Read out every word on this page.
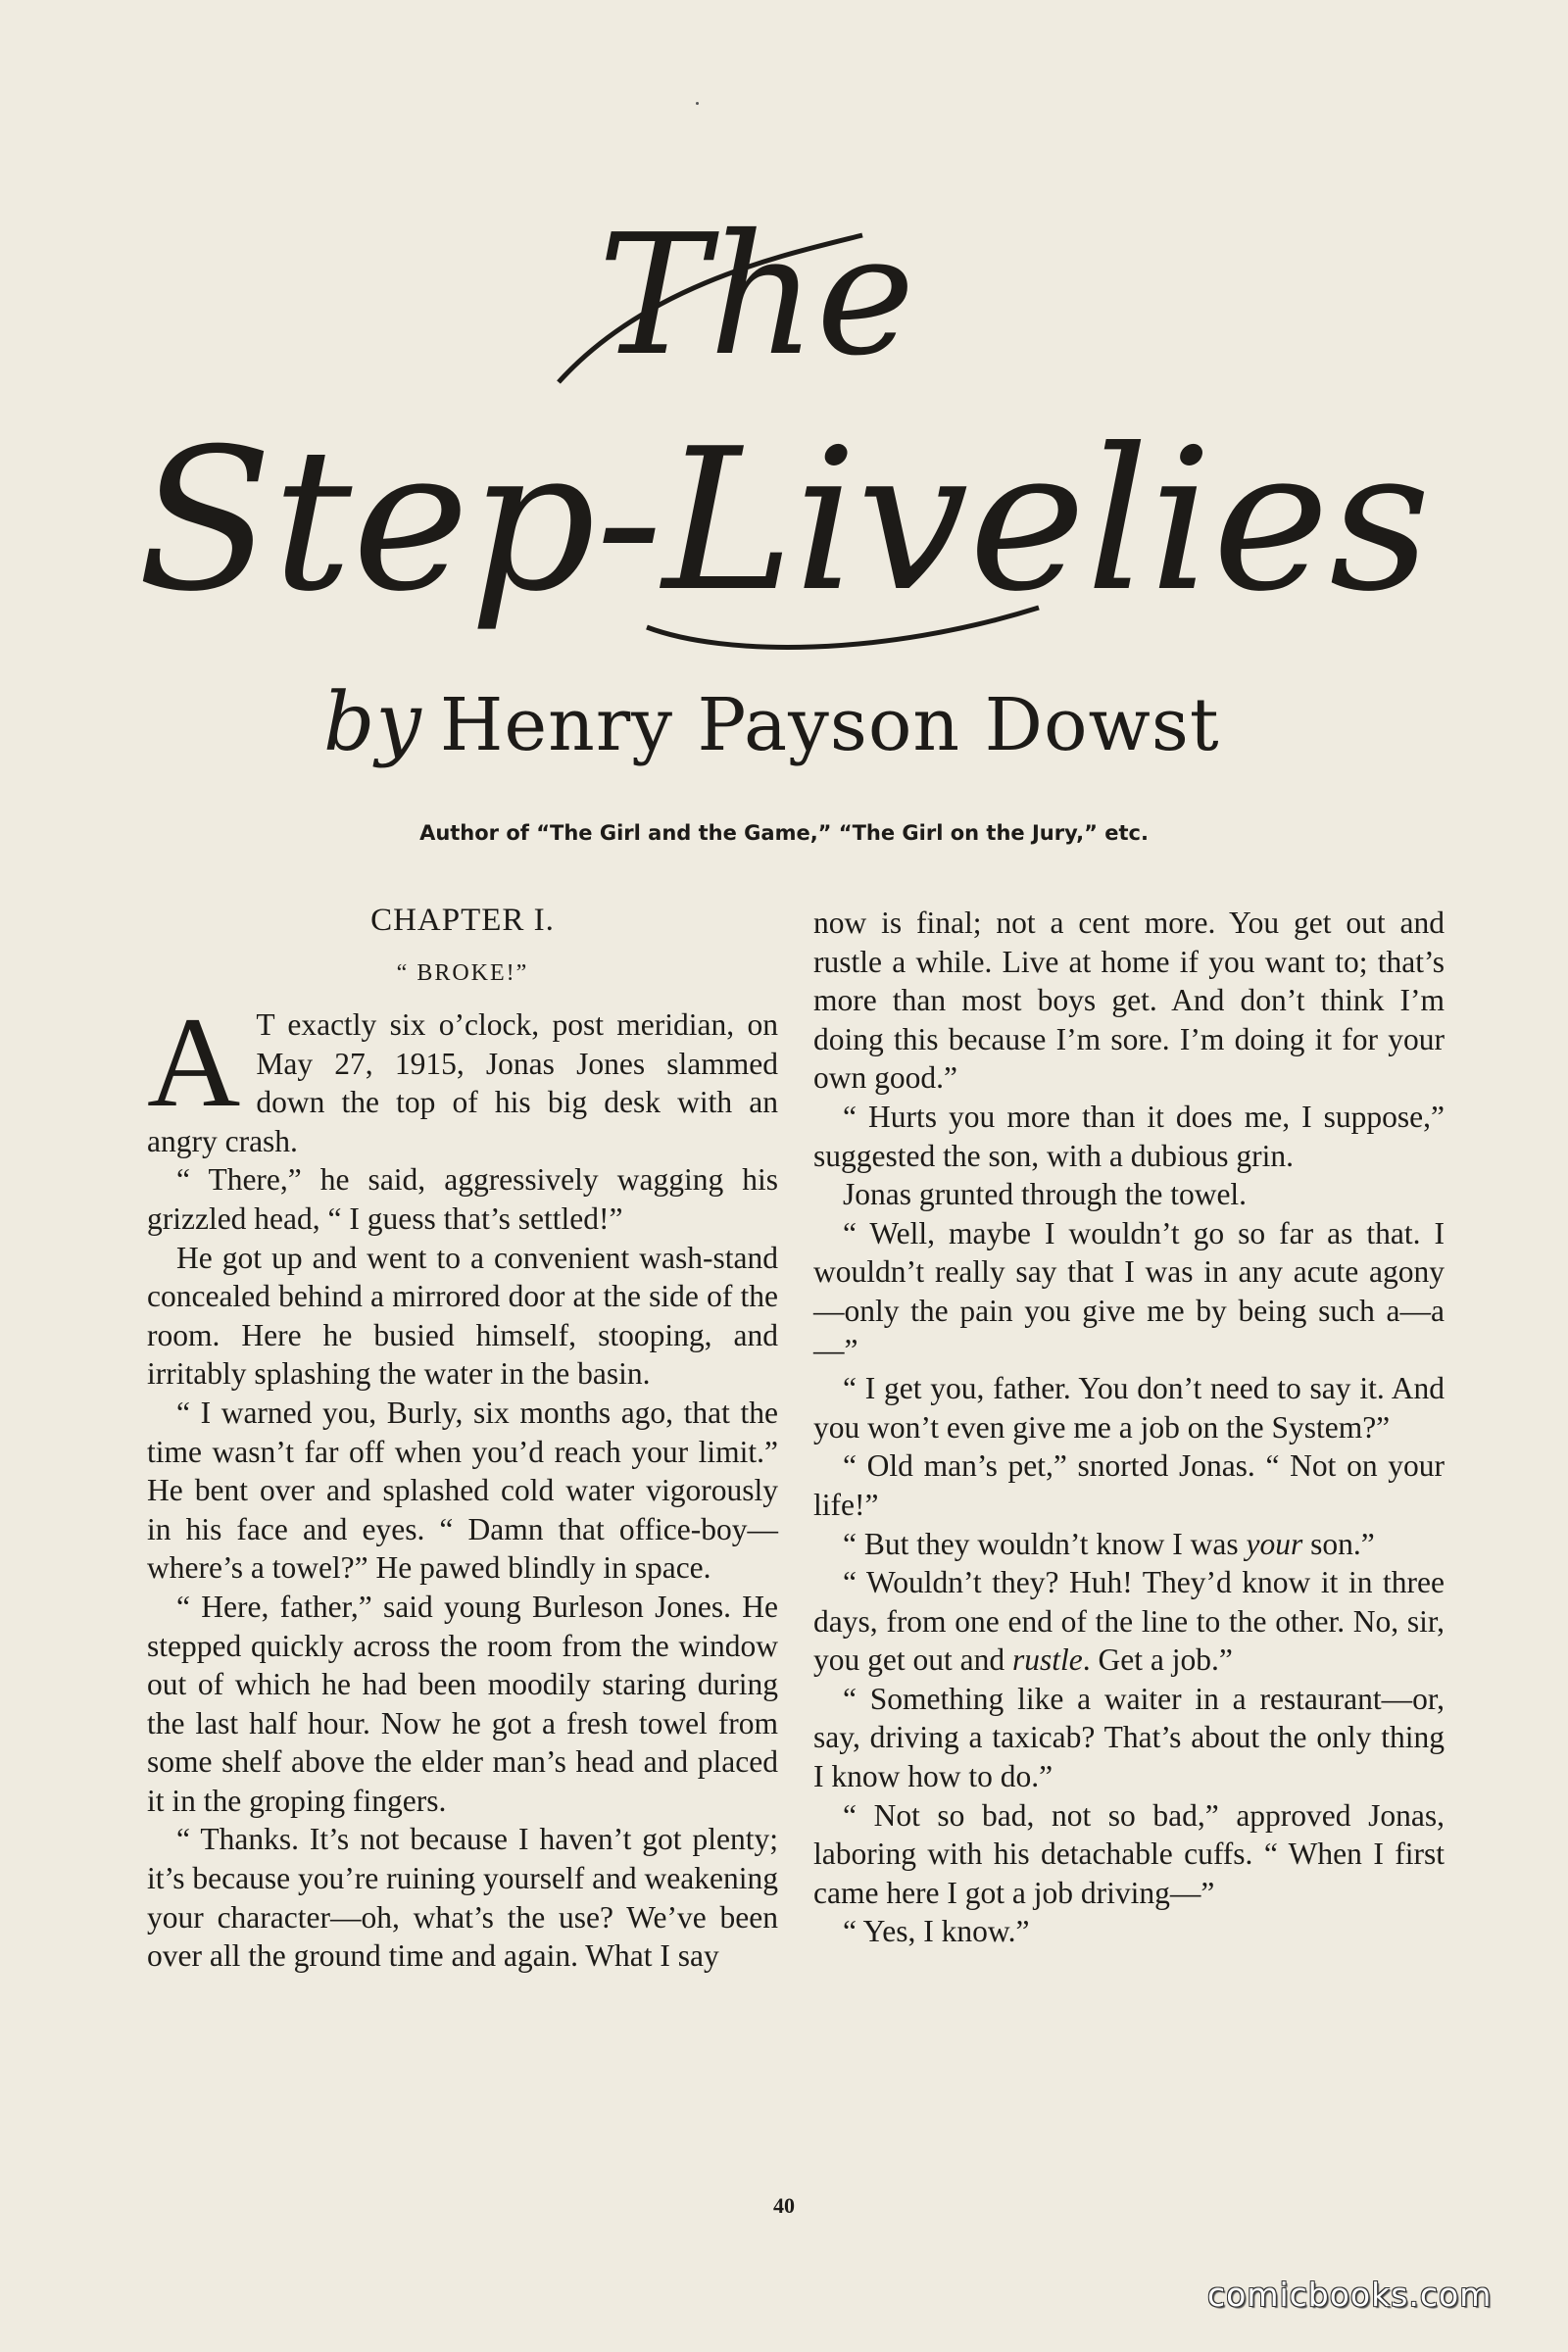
The
Step-Livelies
by Henry Payson Dowst
Author of “The Girl and the Game,” “The Girl on the Jury,” etc.
CHAPTER I.
“ BROKE!”

A T exactly six o’clock, post meridian, on May 27, 1915, Jonas Jones slammed down the top of his big desk with an angry crash.

“ There,” he said, aggressively wagging his grizzled head, “ I guess that’s settled!”

He got up and went to a convenient wash-stand concealed behind a mirrored door at the side of the room. Here he busied himself, stooping, and irritably splashing the water in the basin.

“ I warned you, Burly, six months ago, that the time wasn’t far off when you’d reach your limit.” He bent over and splashed cold water vigorously in his face and eyes. “ Damn that office-boy—where’s a towel?” He pawed blindly in space.

“ Here, father,” said young Burleson Jones. He stepped quickly across the room from the window out of which he had been moodily staring during the last half hour. Now he got a fresh towel from some shelf above the elder man’s head and placed it in the groping fingers.

“ Thanks. It’s not because I haven’t got plenty; it’s because you’re ruining yourself and weakening your character—oh, what’s the use? We’ve been over all the ground time and again. What I say

now is final; not a cent more. You get out and rustle a while. Live at home if you want to; that’s more than most boys get. And don’t think I’m doing this because I’m sore. I’m doing it for your own good.”

“ Hurts you more than it does me, I suppose,” suggested the son, with a dubious grin.

Jonas grunted through the towel.

“ Well, maybe I wouldn’t go so far as that. I wouldn’t really say that I was in any acute agony—only the pain you give me by being such a—a—”

“ I get you, father. You don’t need to say it. And you won’t even give me a job on the System?”

“ Old man’s pet,” snorted Jonas. “ Not on your life!”

“ But they wouldn’t know I was your son.”

“ Wouldn’t they? Huh! They’d know it in three days, from one end of the line to the other. No, sir, you get out and rustle. Get a job.”

“ Something like a waiter in a restaurant—or, say, driving a taxicab? That’s about the only thing I know how to do.”

“ Not so bad, not so bad,” approved Jonas, laboring with his detachable cuffs. “ When I first came here I got a job driving—”

“ Yes, I know.”

40
comicbooks.com
